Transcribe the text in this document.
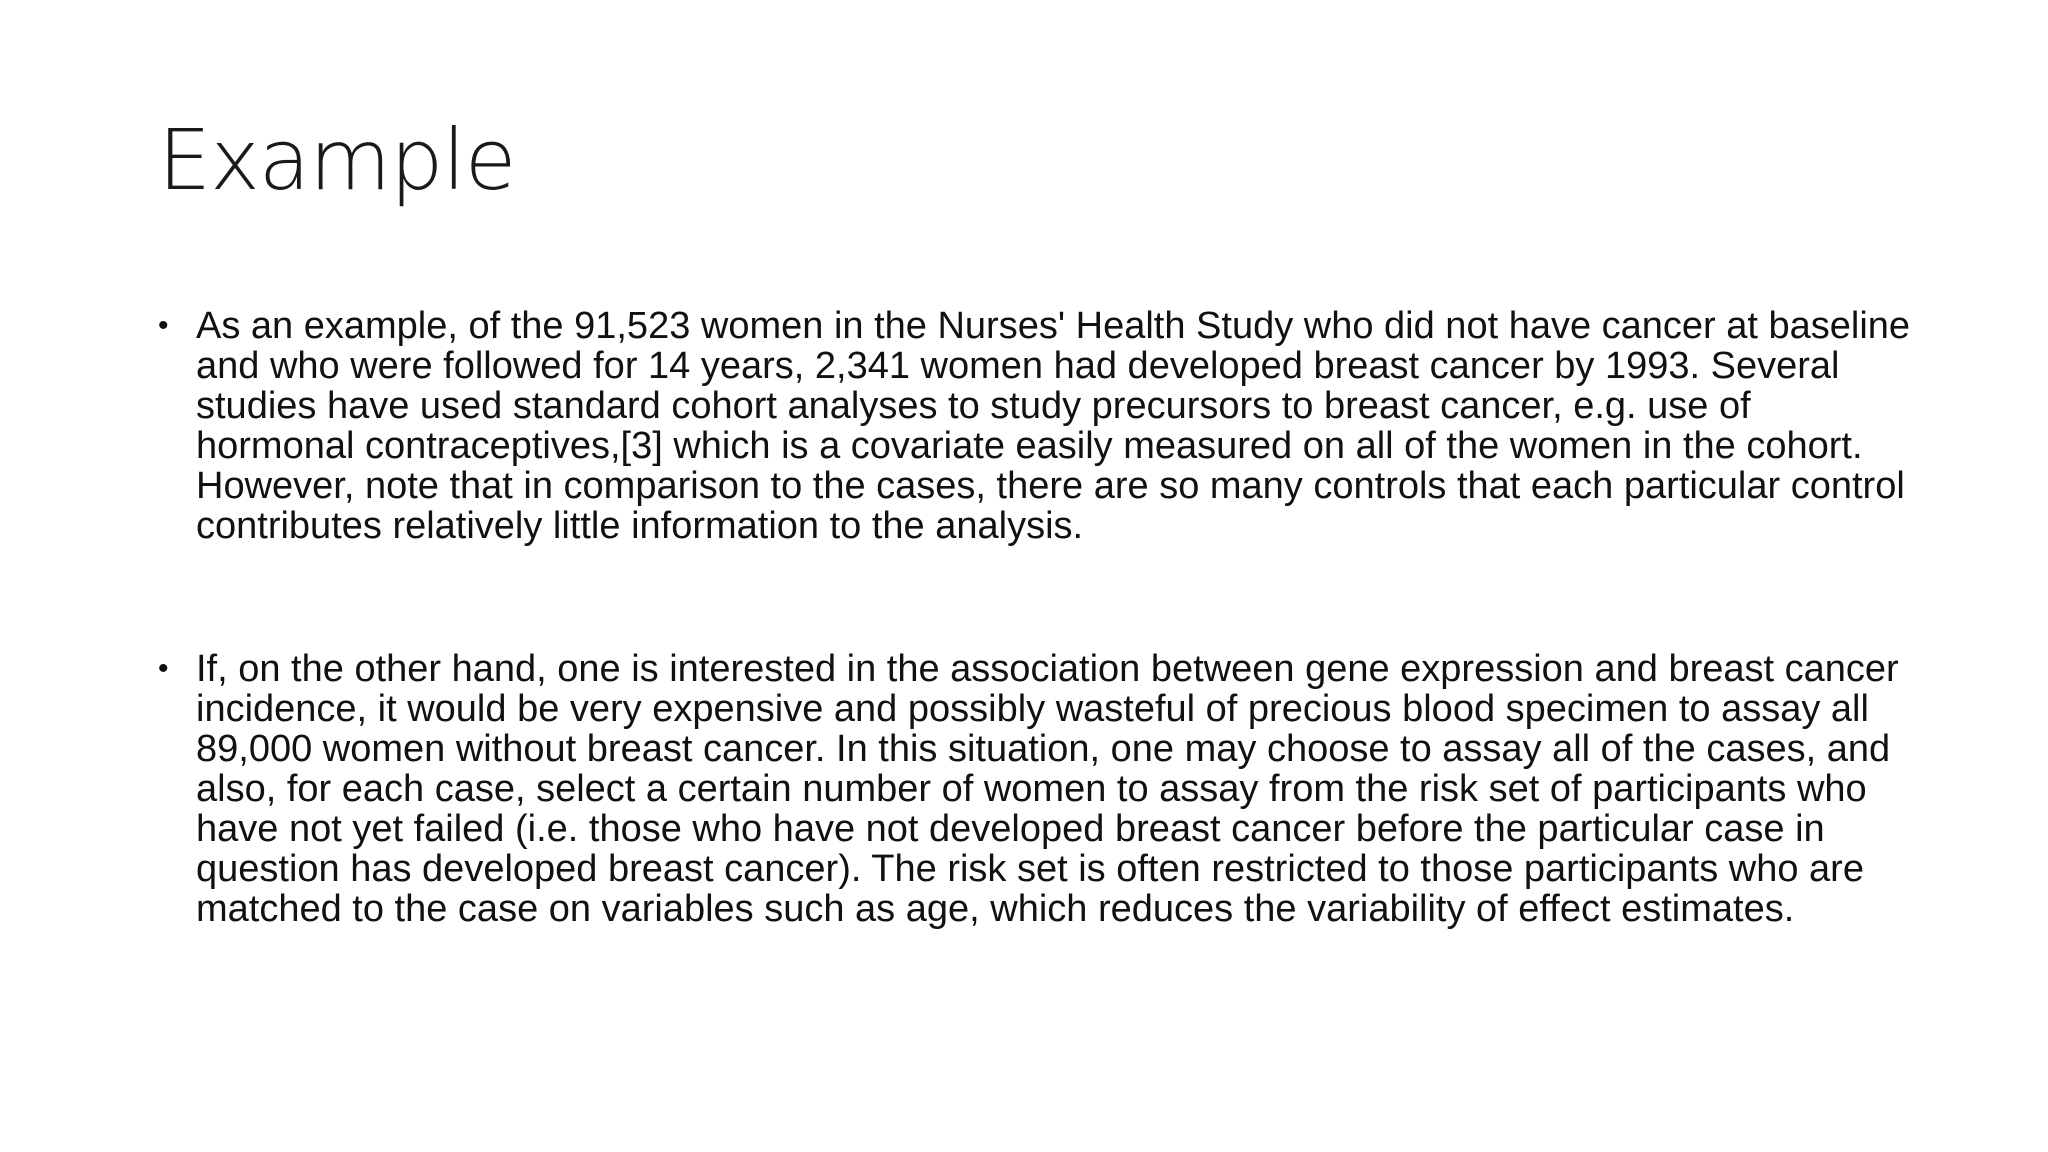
Example
• As an example, of the 91,523 women in the Nurses' Health Study who did not have cancer at baseline and who were followed for 14 years, 2,341 women had developed breast cancer by 1993. Several studies have used standard cohort analyses to study precursors to breast cancer, e.g. use of hormonal contraceptives,[3] which is a covariate easily measured on all of the women in the cohort. However, note that in comparison to the cases, there are so many controls that each particular control contributes relatively little information to the analysis.
• If, on the other hand, one is interested in the association between gene expression and breast cancer incidence, it would be very expensive and possibly wasteful of precious blood specimen to assay all 89,000 women without breast cancer. In this situation, one may choose to assay all of the cases, and also, for each case, select a certain number of women to assay from the risk set of participants who have not yet failed (i.e. those who have not developed breast cancer before the particular case in question has developed breast cancer). The risk set is often restricted to those participants who are matched to the case on variables such as age, which reduces the variability of effect estimates.
